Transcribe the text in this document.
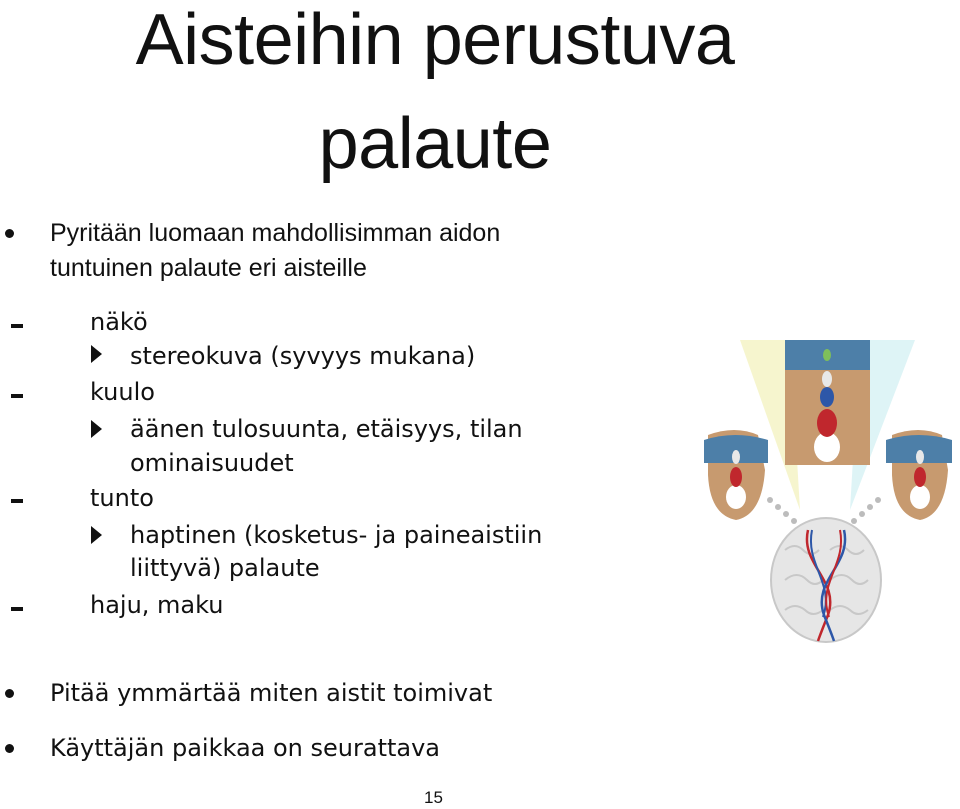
Aisteihin perustuva
palaute
Pyritään luomaan mahdollisimman aidon
tuntuinen palaute eri aisteille
näkö
stereokuva (syvyys mukana)
kuulo
äänen tulosuunta, etäisyys, tilan
ominaisuudet
tunto
haptinen (kosketus- ja paineaistiin
liittyvä) palaute
haju, maku
Pitää ymmärtää miten aistit toimivat
Käyttäjän paikkaa on seurattava
15
